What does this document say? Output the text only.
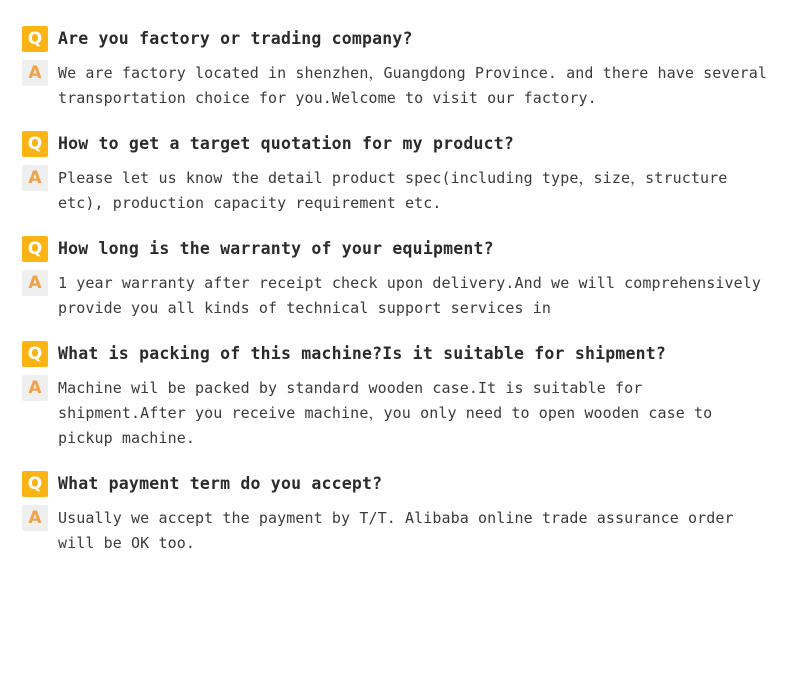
Q Are you factory or trading company?
A	We are factory located in shenzhen，Guangdong Province. and there have several transportation choice for you.Welcome to visit our factory.
Q How to get a target quotation for my product?
A	Please let us know the detail product spec(including type，size，structure etc), production capacity requirement etc.
Q How long is the warranty of your equipment?
A	1 year warranty after receipt check upon delivery.And we will comprehensively provide you all kinds of technical support services in
Q What is packing of this machine?Is it suitable for shipment?
A	Machine wil be packed by standard wooden case.It is suitable for shipment.After you receive machine，you only need to open wooden case to pickup machine.
Q What payment term do you accept?
A	Usually we accept the payment by T/T. Alibaba online trade assurance order will be OK too.
